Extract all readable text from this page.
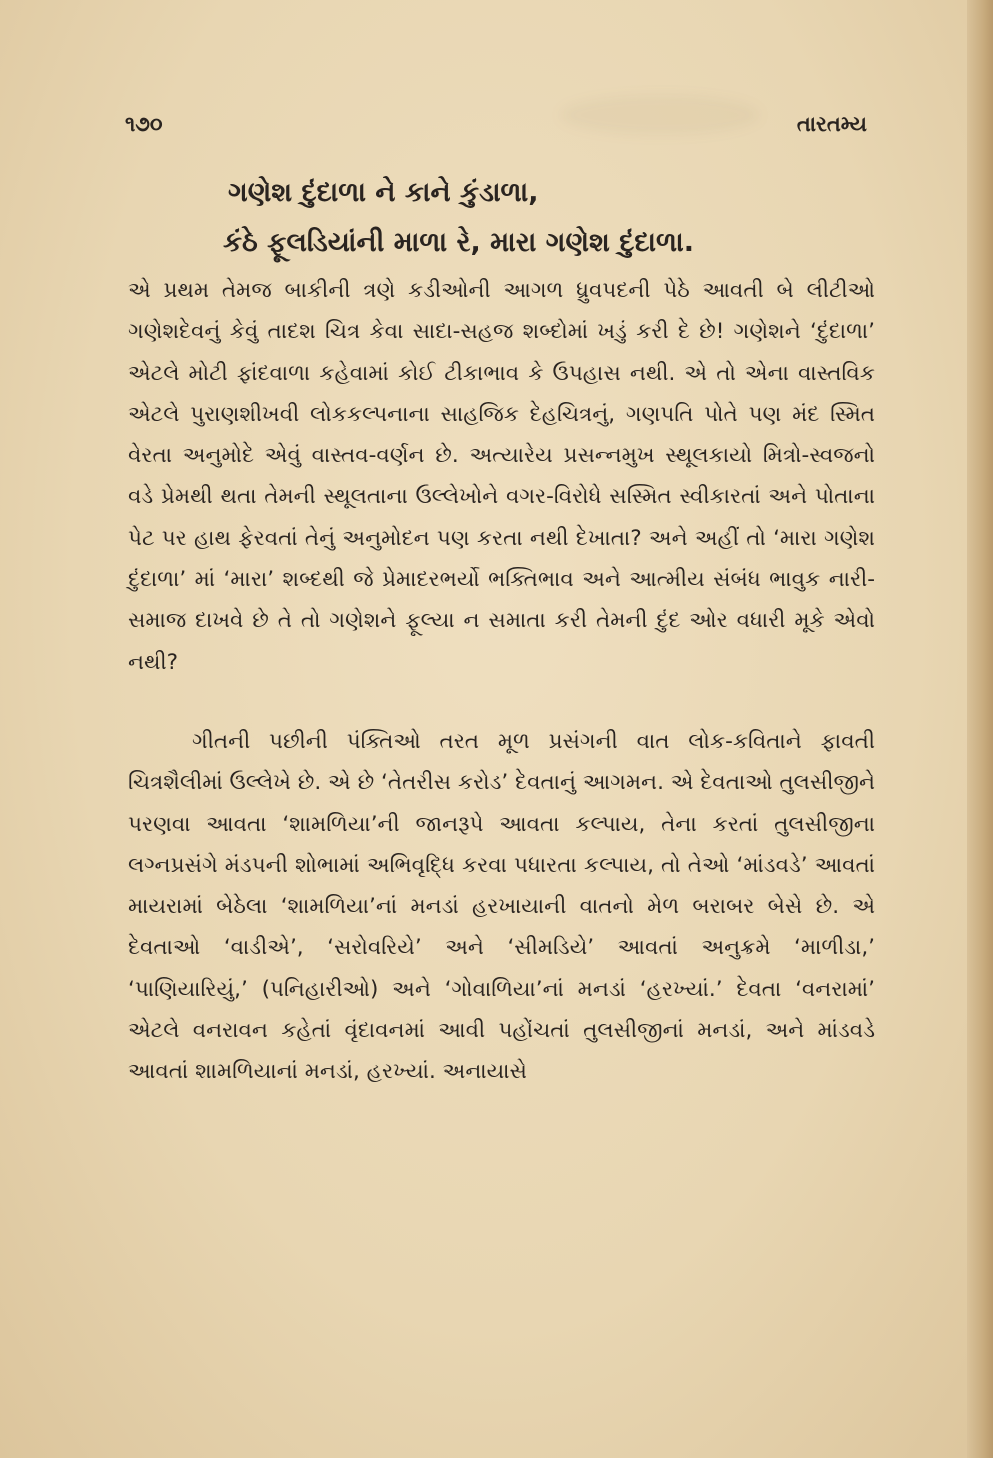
૧૭૦	તારતમ્ય
ગણેશ દુંદાળા ને કાને કુંડાળા,
કંઠે ફૂલડિયાંની માળા રે, મારા ગણેશ દુંદાળા.

એ પ્રથમ તેમજ બાકીની ત્રણે કડીઓની આગળ ધ્રુવપદની પેઠે આવતી બે લીટીઓ ગણેશદેવનું કેવું તાદશ ચિત્ર કેવા સાદા-સહજ શબ્દોમાં ખડું કરી દે છે! ગણેશને ‘દુંદાળા’ એટલે મોટી ફાંદવાળા કહેવામાં કોઈ ટીકાભાવ કે ઉપહાસ નથી. એ તો એના વાસ્તવિક એટલે પુરાણશીખવી લોકકલ્પનાના સાહજિક દેહચિત્રનું, ગણપતિ પોતે પણ મંદ સ્મિત વેરતા અનુમોદે એવું વાસ્તવ-વર્ણન છે. અત્યારેય પ્રસન્નમુખ સ્થૂલકાયો મિત્રો-સ્વજનો વડે પ્રેમથી થતા તેમની સ્થૂલતાના ઉલ્લેખોને વગર-વિરોધે સસ્મિત સ્વીકારતાં અને પોતાના પેટ પર હાથ ફેરવતાં તેનું અનુમોદન પણ કરતા નથી દેખાતા? અને અહીં તો ‘મારા ગણેશ દુંદાળા’ માં ‘મારા’ શબ્દથી જે પ્રેમાદરભર્યો ભક્તિભાવ અને આત્મીય સંબંધ ભાવુક નારી-સમાજ દાખવે છે તે તો ગણેશને ફૂલ્યા ન સમાતા કરી તેમની દુંદ ઓર વધારી મૂકે એવો નથી?

ગીતની પછીની પંક્તિઓ તરત મૂળ પ્રસંગની વાત લોક-કવિતાને ફાવતી ચિત્રશૈલીમાં ઉલ્લેખે છે. એ છે ‘તેતરીસ કરોડ’ દેવતાનું આગમન. એ દેવતાઓ તુલસીજીને પરણવા આવતા ‘શામળિયા’ની જાનરૂપે આવતા કલ્પાય, તેના કરતાં તુલસીજીના લગ્નપ્રસંગે મંડપની શોભામાં અભિવૃદ્ધિ કરવા પધારતા કલ્પાય, તો તેઓ ‘માંડવડે’ આવતાં માયરામાં બેઠેલા ‘શામળિયા’નાં મનડાં હરખાયાની વાતનો મેળ બરાબર બેસે છે. એ દેવતાઓ ‘વાડીએ’, ‘સરોવરિયે’ અને ‘સીમડિયે’ આવતાં અનુક્રમે ‘માળીડા,’ ‘પાણિયારિયું,’ (પનિહારીઓ) અને ‘ગોવાળિયા’નાં મનડાં ‘હરખ્યાં.’ દેવતા ‘વનરામાં’ એટલે વનરાવન કહેતાં વૃંદાવનમાં આવી પહોંચતાં તુલસીજીનાં મનડાં, અને માંડવડે આવતાં શામળિયાનાં મનડાં, હરખ્યાં. અનાયાસે
